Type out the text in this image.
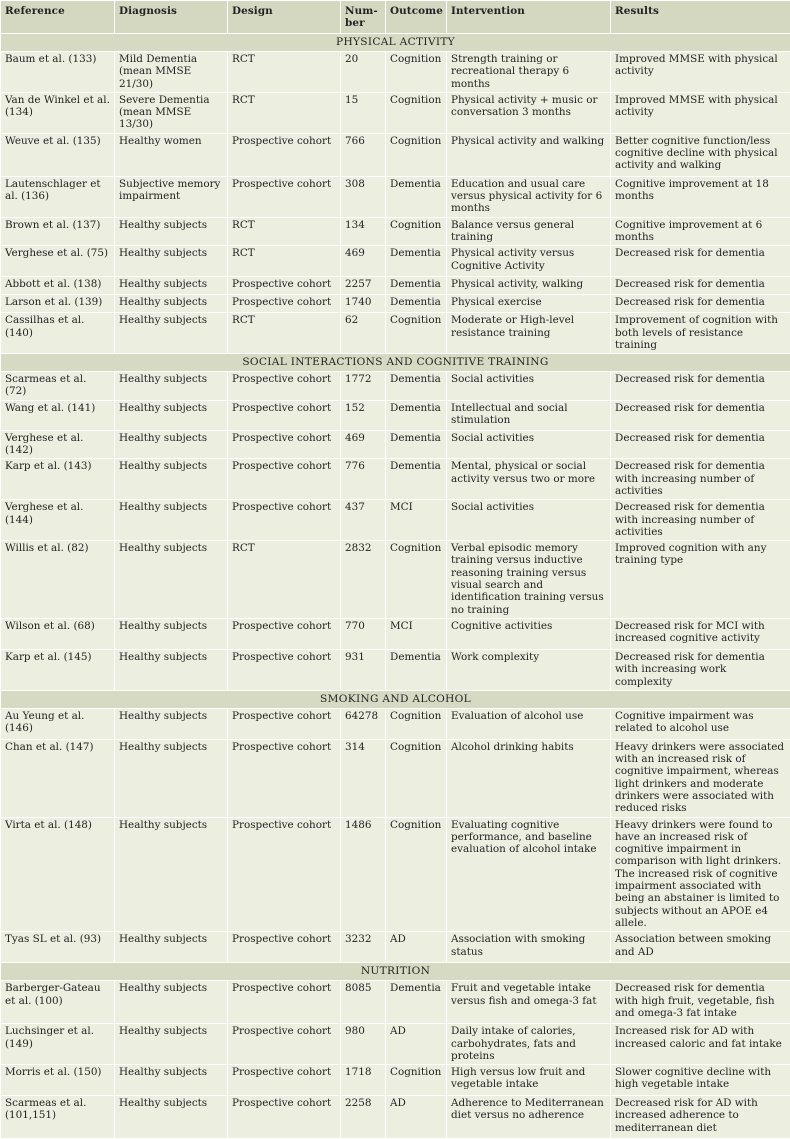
Reference	Diagnosis	Design	Num-ber	Outcome	Intervention	Results
PHYSICAL ACTIVITY						
Baum et al. (133)	Mild Dementia (mean MMSE 21/30)	RCT	20	Cognition	Strength training or recreational therapy 6 months	Improved MMSE with physical activity
Van de Winkel et al. (134)	Severe Dementia (mean MMSE 13/30)	RCT	15	Cognition	Physical activity + music or conversation 3 months	Improved MMSE with physical activity
Weuve et al. (135)	Healthy women	Prospective cohort	766	Cognition	Physical activity and walking	Better cognitive function/less cognitive decline with physical activity and walking
Lautenschlager et al. (136)	Subjective memory impairment	Prospective cohort	308	Dementia	Education and usual care versus physical activity for 6 months	Cognitive improvement at 18 months
Brown et al. (137)	Healthy subjects	RCT	134	Cognition	Balance versus general training	Cognitive improvement at 6 months
Verghese et al. (75)	Healthy subjects	RCT	469	Dementia	Physical activity versus Cognitive Activity	Decreased risk for dementia
Abbott et al. (138)	Healthy subjects	Prospective cohort	2257	Dementia	Physical activity, walking	Decreased risk for dementia
Larson et al. (139)	Healthy subjects	Prospective cohort	1740	Dementia	Physical exercise	Decreased risk for dementia
Cassilhas et al. (140)	Healthy subjects	RCT	62	Cognition	Moderate or High-level resistance training	Improvement of cognition with both levels of resistance training
SOCIAL INTERACTIONS AND COGNITIVE TRAINING						
Scarmeas et al. (72)	Healthy subjects	Prospective cohort	1772	Dementia	Social activities	Decreased risk for dementia
Wang et al. (141)	Healthy subjects	Prospective cohort	152	Dementia	Intellectual and social stimulation	Decreased risk for dementia
Verghese et al. (142)	Healthy subjects	Prospective cohort	469	Dementia	Social activities	Decreased risk for dementia
Karp et al. (143)	Healthy subjects	Prospective cohort	776	Dementia	Mental, physical or social activity versus two or more	Decreased risk for dementia with increasing number of activities
Verghese et al. (144)	Healthy subjects	Prospective cohort	437	MCI	Social activities	Decreased risk for dementia with increasing number of activities
Willis et al. (82)	Healthy subjects	RCT	2832	Cognition	Verbal episodic memory training versus inductive reasoning training versus visual search and identification training versus no training	Improved cognition with any training type
Wilson et al. (68)	Healthy subjects	Prospective cohort	770	MCI	Cognitive activities	Decreased risk for MCI with increased cognitive activity
Karp et al. (145)	Healthy subjects	Prospective cohort	931	Dementia	Work complexity	Decreased risk for dementia with increasing work complexity
SMOKING AND ALCOHOL						
Au Yeung et al. (146)	Healthy subjects	Prospective cohort	64278	Cognition	Evaluation of alcohol use	Cognitive impairment was related to alcohol use
Chan et al. (147)	Healthy subjects	Prospective cohort	314	Cognition	Alcohol drinking habits	Heavy drinkers were associated with an increased risk of cognitive impairment, whereas light drinkers and moderate drinkers were associated with reduced risks
Virta et al. (148)	Healthy subjects	Prospective cohort	1486	Cognition	Evaluating cognitive performance, and baseline evaluation of alcohol intake	Heavy drinkers were found to have an increased risk of cognitive impairment in comparison with light drinkers. The increased risk of cognitive impairment associated with being an abstainer is limited to subjects without an APOE e4 allele.
Tyas SL et al. (93)	Healthy subjects	Prospective cohort	3232	AD	Association with smoking status	Association between smoking and AD
NUTRITION						
Barberger-Gateau et al. (100)	Healthy subjects	Prospective cohort	8085	Dementia	Fruit and vegetable intake versus fish and omega-3 fat	Decreased risk for dementia with high fruit, vegetable, fish and omega-3 fat intake
Luchsinger et al. (149)	Healthy subjects	Prospective cohort	980	AD	Daily intake of calories, carbohydrates, fats and proteins	Increased risk for AD with increased caloric and fat intake
Morris et al. (150)	Healthy subjects	Prospective cohort	1718	Cognition	High versus low fruit and vegetable intake	Slower cognitive decline with high vegetable intake
Scarmeas et al. (101,151)	Healthy subjects	Prospective cohort	2258	AD	Adherence to Mediterranean diet versus no adherence	Decreased risk for AD with increased adherence to mediterranean diet
